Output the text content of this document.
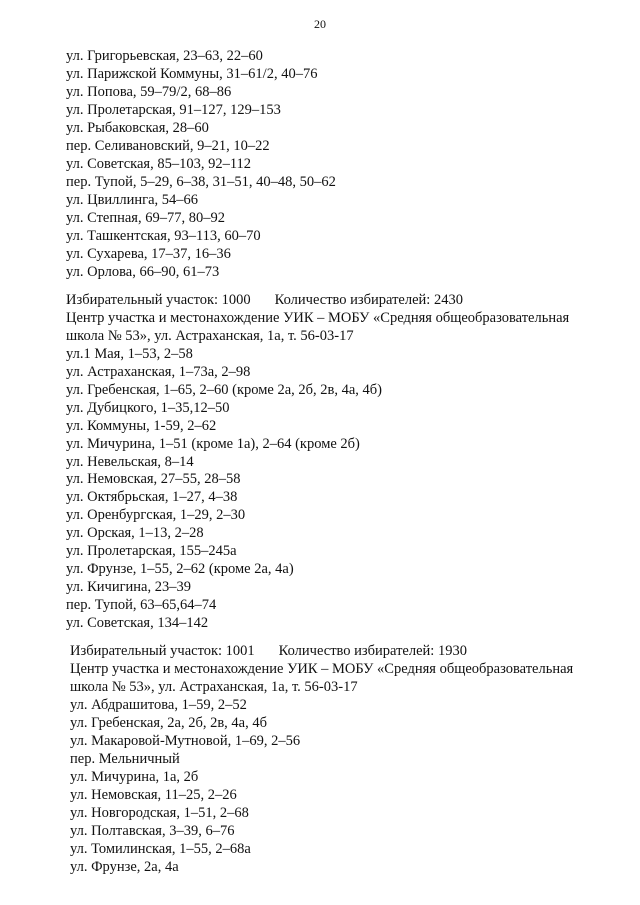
20
ул. Григорьевская, 23–63, 22–60
ул. Парижской Коммуны, 31–61/2, 40–76
ул. Попова, 59–79/2, 68–86
ул. Пролетарская, 91–127, 129–153
ул. Рыбаковская, 28–60
пер. Селивановский, 9–21, 10–22
ул. Советская, 85–103, 92–112
пер. Тупой, 5–29, 6–38, 31–51, 40–48, 50–62
ул. Цвиллинга, 54–66
ул. Степная, 69–77, 80–92
ул. Ташкентская, 93–113, 60–70
ул. Сухарева, 17–37, 16–36
ул. Орлова, 66–90, 61–73
Избирательный участок: 1000 Количество избирателей: 2430
Центр участка и местонахождение УИК – МОБУ «Средняя общеобразовательная
школа № 53», ул. Астраханская, 1а, т. 56-03-17
ул.1 Мая, 1–53, 2–58
ул. Астраханская, 1–73а, 2–98
ул. Гребенская, 1–65, 2–60 (кроме 2а, 2б, 2в, 4а, 4б)
ул. Дубицкого, 1–35,12–50
ул. Коммуны, 1-59, 2–62
ул. Мичурина, 1–51 (кроме 1а), 2–64 (кроме 2б)
ул. Невельская, 8–14
ул. Немовская, 27–55, 28–58
ул. Октябрьская, 1–27, 4–38
ул. Оренбургская, 1–29, 2–30
ул. Орская, 1–13, 2–28
ул. Пролетарская, 155–245а
ул. Фрунзе, 1–55, 2–62 (кроме 2а, 4а)
ул. Кичигина, 23–39
пер. Тупой, 63–65,64–74
ул. Советская, 134–142
Избирательный участок: 1001 Количество избирателей: 1930
Центр участка и местонахождение УИК – МОБУ «Средняя общеобразовательная
школа № 53», ул. Астраханская, 1а, т. 56-03-17
ул. Абдрашитова, 1–59, 2–52
ул. Гребенская, 2а, 2б, 2в, 4а, 4б
ул. Макаровой-Мутновой, 1–69, 2–56
пер. Мельничный
ул. Мичурина, 1а, 2б
ул. Немовская, 11–25, 2–26
ул. Новгородская, 1–51, 2–68
ул. Полтавская, 3–39, 6–76
ул. Томилинская, 1–55, 2–68а
ул. Фрунзе, 2а, 4а
